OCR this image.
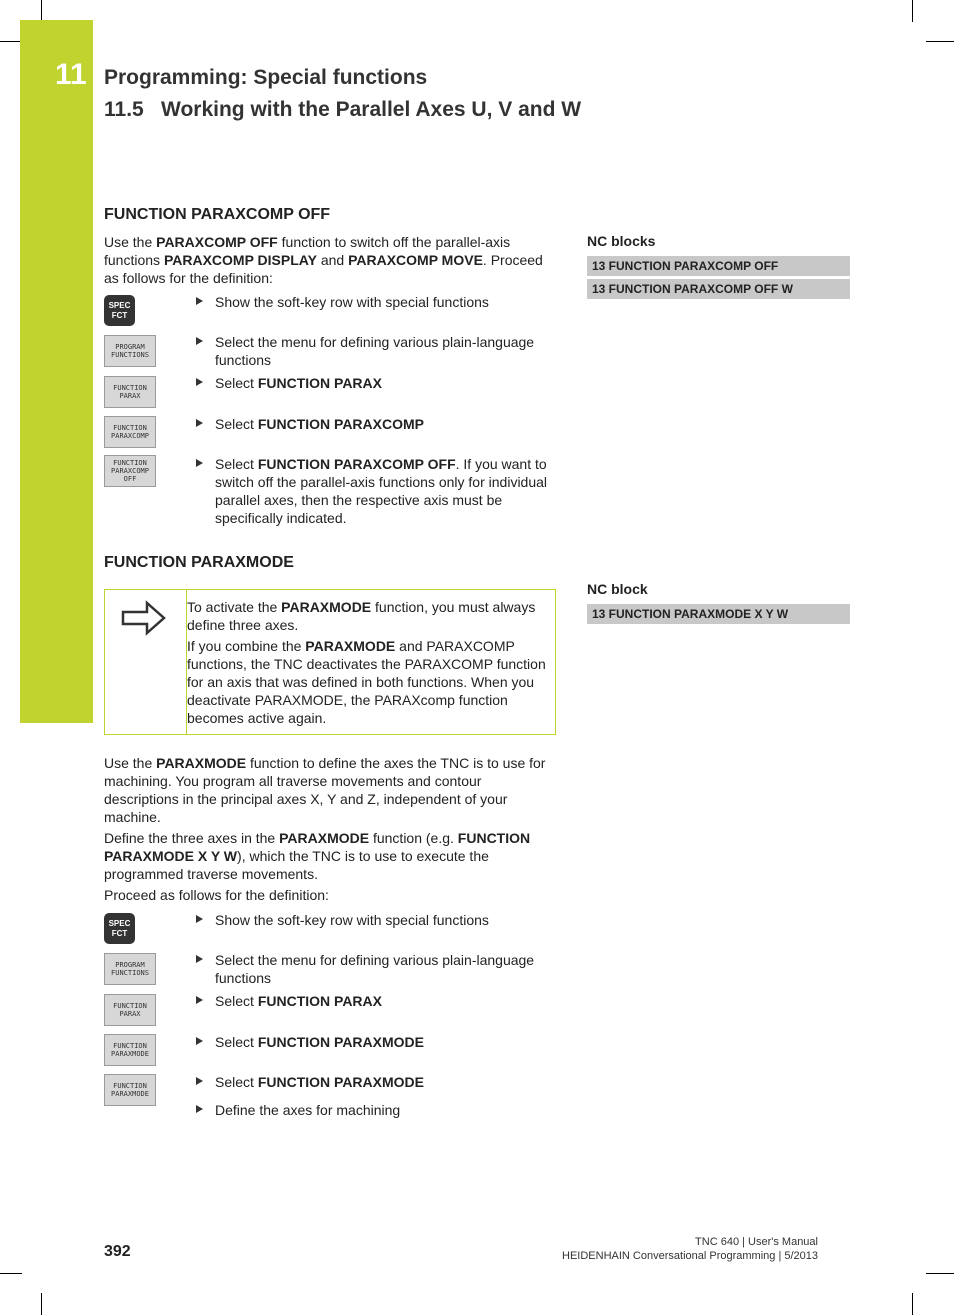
11 Programming: Special functions
11.5 Working with the Parallel Axes U, V and W
FUNCTION PARAXCOMP OFF
Use the PARAXCOMP OFF function to switch off the parallel-axis functions PARAXCOMP DISPLAY and PARAXCOMP MOVE. Proceed as follows for the definition:
SPEC
FCT
PROGRAM
FUNCTIONS
FUNCTION
PARAX
FUNCTION
PARAXCOMP
FUNCTION
PARAXCOMP
OFF
Show the soft-key row with special functions
Select the menu for defining various plain-language functions
Select FUNCTION PARAX
Select FUNCTION PARAXCOMP
Select FUNCTION PARAXCOMP OFF. If you want to switch off the parallel-axis functions only for individual parallel axes, then the respective axis must be specifically indicated.
NC blocks
13 FUNCTION PARAXCOMP OFF
13 FUNCTION PARAXCOMP OFF W
FUNCTION PARAXMODE

To activate the PARAXMODE function, you must always define three axes.

If you combine the PARAXMODE and PARAXCOMP functions, the TNC deactivates the PARAXCOMP function for an axis that was defined in both functions. When you deactivate PARAXMODE, the PARAXcomp function becomes active again.

Use the PARAXMODE function to define the axes the TNC is to use for machining. You program all traverse movements and contour descriptions in the principal axes X, Y and Z, independent of your machine.
Define the three axes in the PARAXMODE function (e.g. FUNCTION PARAXMODE X Y W), which the TNC is to use to execute the programmed traverse movements.
Proceed as follows for the definition:
SPEC
FCT
PROGRAM
FUNCTIONS
FUNCTION
PARAX
FUNCTION
PARAXMODE
FUNCTION
PARAXMODE
Show the soft-key row with special functions
Select the menu for defining various plain-language functions
Select FUNCTION PARAX
Select FUNCTION PARAXMODE
Select FUNCTION PARAXMODE
Define the axes for machining
NC block
13 FUNCTION PARAXMODE X Y W
392
TNC 640 | User's Manual
HEIDENHAIN Conversational Programming | 5/2013
